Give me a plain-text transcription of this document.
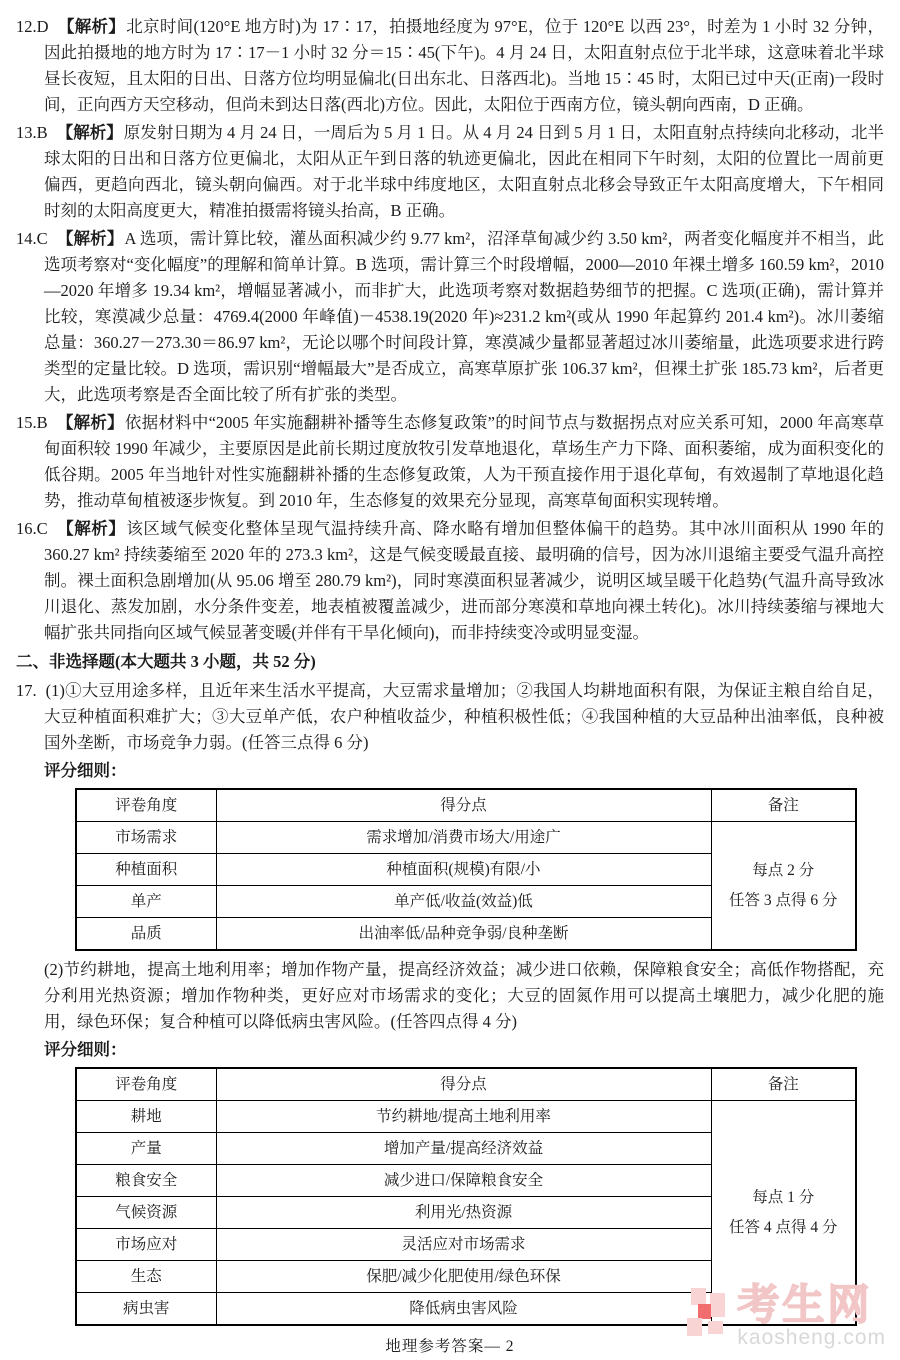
12.D 【解析】北京时间(120°E 地方时)为 17∶17，拍摄地经度为 97°E，位于 120°E 以西 23°，时差为 1 小时 32 分钟，因此拍摄地的地方时为 17∶17－1 小时 32 分＝15∶45(下午)。4 月 24 日，太阳直射点位于北半球，这意味着北半球昼长夜短，且太阳的日出、日落方位均明显偏北(日出东北、日落西北)。当地 15∶45 时，太阳已过中天(正南)一段时间，正向西方天空移动，但尚未到达日落(西北)方位。因此，太阳位于西南方位，镜头朝向西南，D 正确。

13.B 【解析】原发射日期为 4 月 24 日，一周后为 5 月 1 日。从 4 月 24 日到 5 月 1 日，太阳直射点持续向北移动，北半球太阳的日出和日落方位更偏北，太阳从正午到日落的轨迹更偏北，因此在相同下午时刻，太阳的位置比一周前更偏西，更趋向西北，镜头朝向偏西。对于北半球中纬度地区，太阳直射点北移会导致正午太阳高度增大，下午相同时刻的太阳高度更大，精准拍摄需将镜头抬高，B 正确。

14.C 【解析】A 选项，需计算比较，灌丛面积减少约 9.77 km²，沼泽草甸减少约 3.50 km²，两者变化幅度并不相当，此选项考察对“变化幅度”的理解和简单计算。B 选项，需计算三个时段增幅，2000—2010 年裸土增多 160.59 km²，2010—2020 年增多 19.34 km²，增幅显著减小，而非扩大，此选项考察对数据趋势细节的把握。C 选项(正确)，需计算并比较，寒漠减少总量：4769.4(2000 年峰值)－4538.19(2020 年)≈231.2 km²(或从 1990 年起算约 201.4 km²)。冰川萎缩总量：360.27－273.30＝86.97 km²，无论以哪个时间段计算，寒漠减少量都显著超过冰川萎缩量，此选项要求进行跨类型的定量比较。D 选项，需识别“增幅最大”是否成立，高寒草原扩张 106.37 km²，但裸土扩张 185.73 km²，后者更大，此选项考察是否全面比较了所有扩张的类型。

15.B 【解析】依据材料中“2005 年实施翻耕补播等生态修复政策”的时间节点与数据拐点对应关系可知，2000 年高寒草甸面积较 1990 年减少，主要原因是此前长期过度放牧引发草地退化，草场生产力下降、面积萎缩，成为面积变化的低谷期。2005 年当地针对性实施翻耕补播的生态修复政策，人为干预直接作用于退化草甸，有效遏制了草地退化趋势，推动草甸植被逐步恢复。到 2010 年，生态修复的效果充分显现，高寒草甸面积实现转增。

16.C 【解析】该区域气候变化整体呈现气温持续升高、降水略有增加但整体偏干的趋势。其中冰川面积从 1990 年的 360.27 km² 持续萎缩至 2020 年的 273.3 km²，这是气候变暖最直接、最明确的信号，因为冰川退缩主要受气温升高控制。裸土面积急剧增加(从 95.06 增至 280.79 km²)，同时寒漠面积显著减少，说明区域呈暖干化趋势(气温升高导致冰川退化、蒸发加剧，水分条件变差，地表植被覆盖减少，进而部分寒漠和草地向裸土转化)。冰川持续萎缩与裸地大幅扩张共同指向区域气候显著变暖(并伴有干旱化倾向)，而非持续变冷或明显变湿。

二、非选择题(本大题共 3 小题，共 52 分)

17. (1)①大豆用途多样，且近年来生活水平提高，大豆需求量增加；②我国人均耕地面积有限，为保证主粮自给自足，大豆种植面积难扩大；③大豆单产低，农户种植收益少，种植积极性低；④我国种植的大豆品种出油率低，良种被国外垄断，市场竞争力弱。(任答三点得 6 分)

评分细则：

评卷角度	得分点	备注
市场需求	需求增加/消费市场大/用途广	每点 2 分
任答 3 点得 6 分

种植面积	种植面积(规模)有限/小	
单产	单产低/收益(效益)低	
品质	出油率低/品种竞争弱/良种垄断	

(2)节约耕地，提高土地利用率；增加作物产量，提高经济效益；减少进口依赖，保障粮食安全；高低作物搭配，充分利用光热资源；增加作物种类，更好应对市场需求的变化；大豆的固氮作用可以提高土壤肥力，减少化肥的施用，绿色环保；复合种植可以降低病虫害风险。(任答四点得 4 分)

评分细则：

评卷角度	得分点	备注
耕地	节约耕地/提高土地利用率	每点 1 分
任答 4 点得 4 分

产量	增加产量/提高经济效益	
粮食安全	减少进口/保障粮食安全	
气候资源	利用光/热资源	
市场应对	灵活应对市场需求	
生态	保肥/减少化肥使用/绿色环保	
病虫害	降低病虫害风险	
地理参考答案— 2
考生网
kaosheng.com
